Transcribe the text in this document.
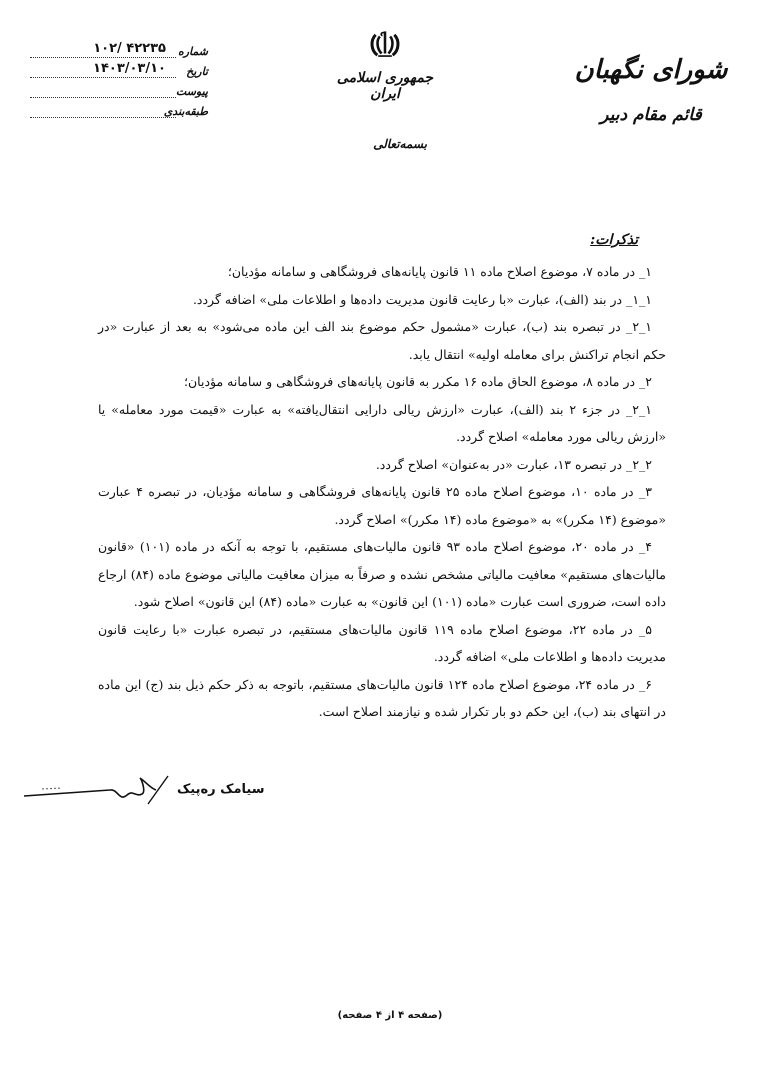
شماره
۱۰۲/ ۴۲۲۳۵
تاریخ
۱۴۰۳/۰۳/۱۰
پیوست
طبقه‌بندی
جمهوری اسلامی ایران
بسمه‌تعالی
شورای نگهبان
قائم مقام دبیر
تذکرات:

۱_ در ماده ۷، موضوع اصلاح ماده ۱۱ قانون پایانه‌های فروشگاهی و سامانه مؤدیان؛

۱_۱_ در بند (الف)، عبارت «با رعایت قانون مدیریت داده‌ها و اطلاعات ملی» اضافه گردد.

۱_۲_ در تبصره بند (ب)، عبارت «مشمول حکم موضوع بند الف این ماده می‌شود» به بعد از عبارت «در حکم انجام تراکنش برای معامله اولیه» انتقال یابد.

۲_ در ماده ۸، موضوع الحاق ماده ۱۶ مکرر به قانون پایانه‌های فروشگاهی و سامانه مؤدیان؛

۱_۲_ در جزء ۲ بند (الف)، عبارت «ارزش ریالی دارایی انتقال‌یافته» به عبارت «قیمت مورد معامله» یا «ارزش ریالی مورد معامله» اصلاح گردد.

۲_۲_ در تبصره ۱۳، عبارت «در به‌عنوان» اصلاح گردد.

۳_ در ماده ۱۰، موضوع اصلاح ماده ۲۵ قانون پایانه‌های فروشگاهی و سامانه مؤدیان، در تبصره ۴ عبارت «موضوع (۱۴ مکرر)» به «موضوع ماده (۱۴ مکرر)» اصلاح گردد.

۴_ در ماده ۲۰، موضوع اصلاح ماده ۹۳ قانون مالیات‌های مستقیم، با توجه به آنکه در ماده (۱۰۱) «قانون مالیات‌های مستقیم» معافیت مالیاتی مشخص نشده و صرفاً به میزان معافیت مالیاتی موضوع ماده (۸۴) ارجاع داده است، ضروری است عبارت «ماده (۱۰۱) این قانون» به عبارت «ماده (۸۴) این قانون» اصلاح شود.

۵_ در ماده ۲۲، موضوع اصلاح ماده ۱۱۹ قانون مالیات‌های مستقیم، در تبصره عبارت «با رعایت قانون مدیریت داده‌ها و اطلاعات ملی» اضافه گردد.

۶_ در ماده ۲۴، موضوع اصلاح ماده ۱۲۴ قانون مالیات‌های مستقیم، باتوجه به ذکر حکم ذیل بند (ج) این ماده در انتهای بند (ب)، این حکم دو بار تکرار شده و نیازمند اصلاح است.

سیامک ره‌پیک
(صفحه ۴ از ۴ صفحه)
